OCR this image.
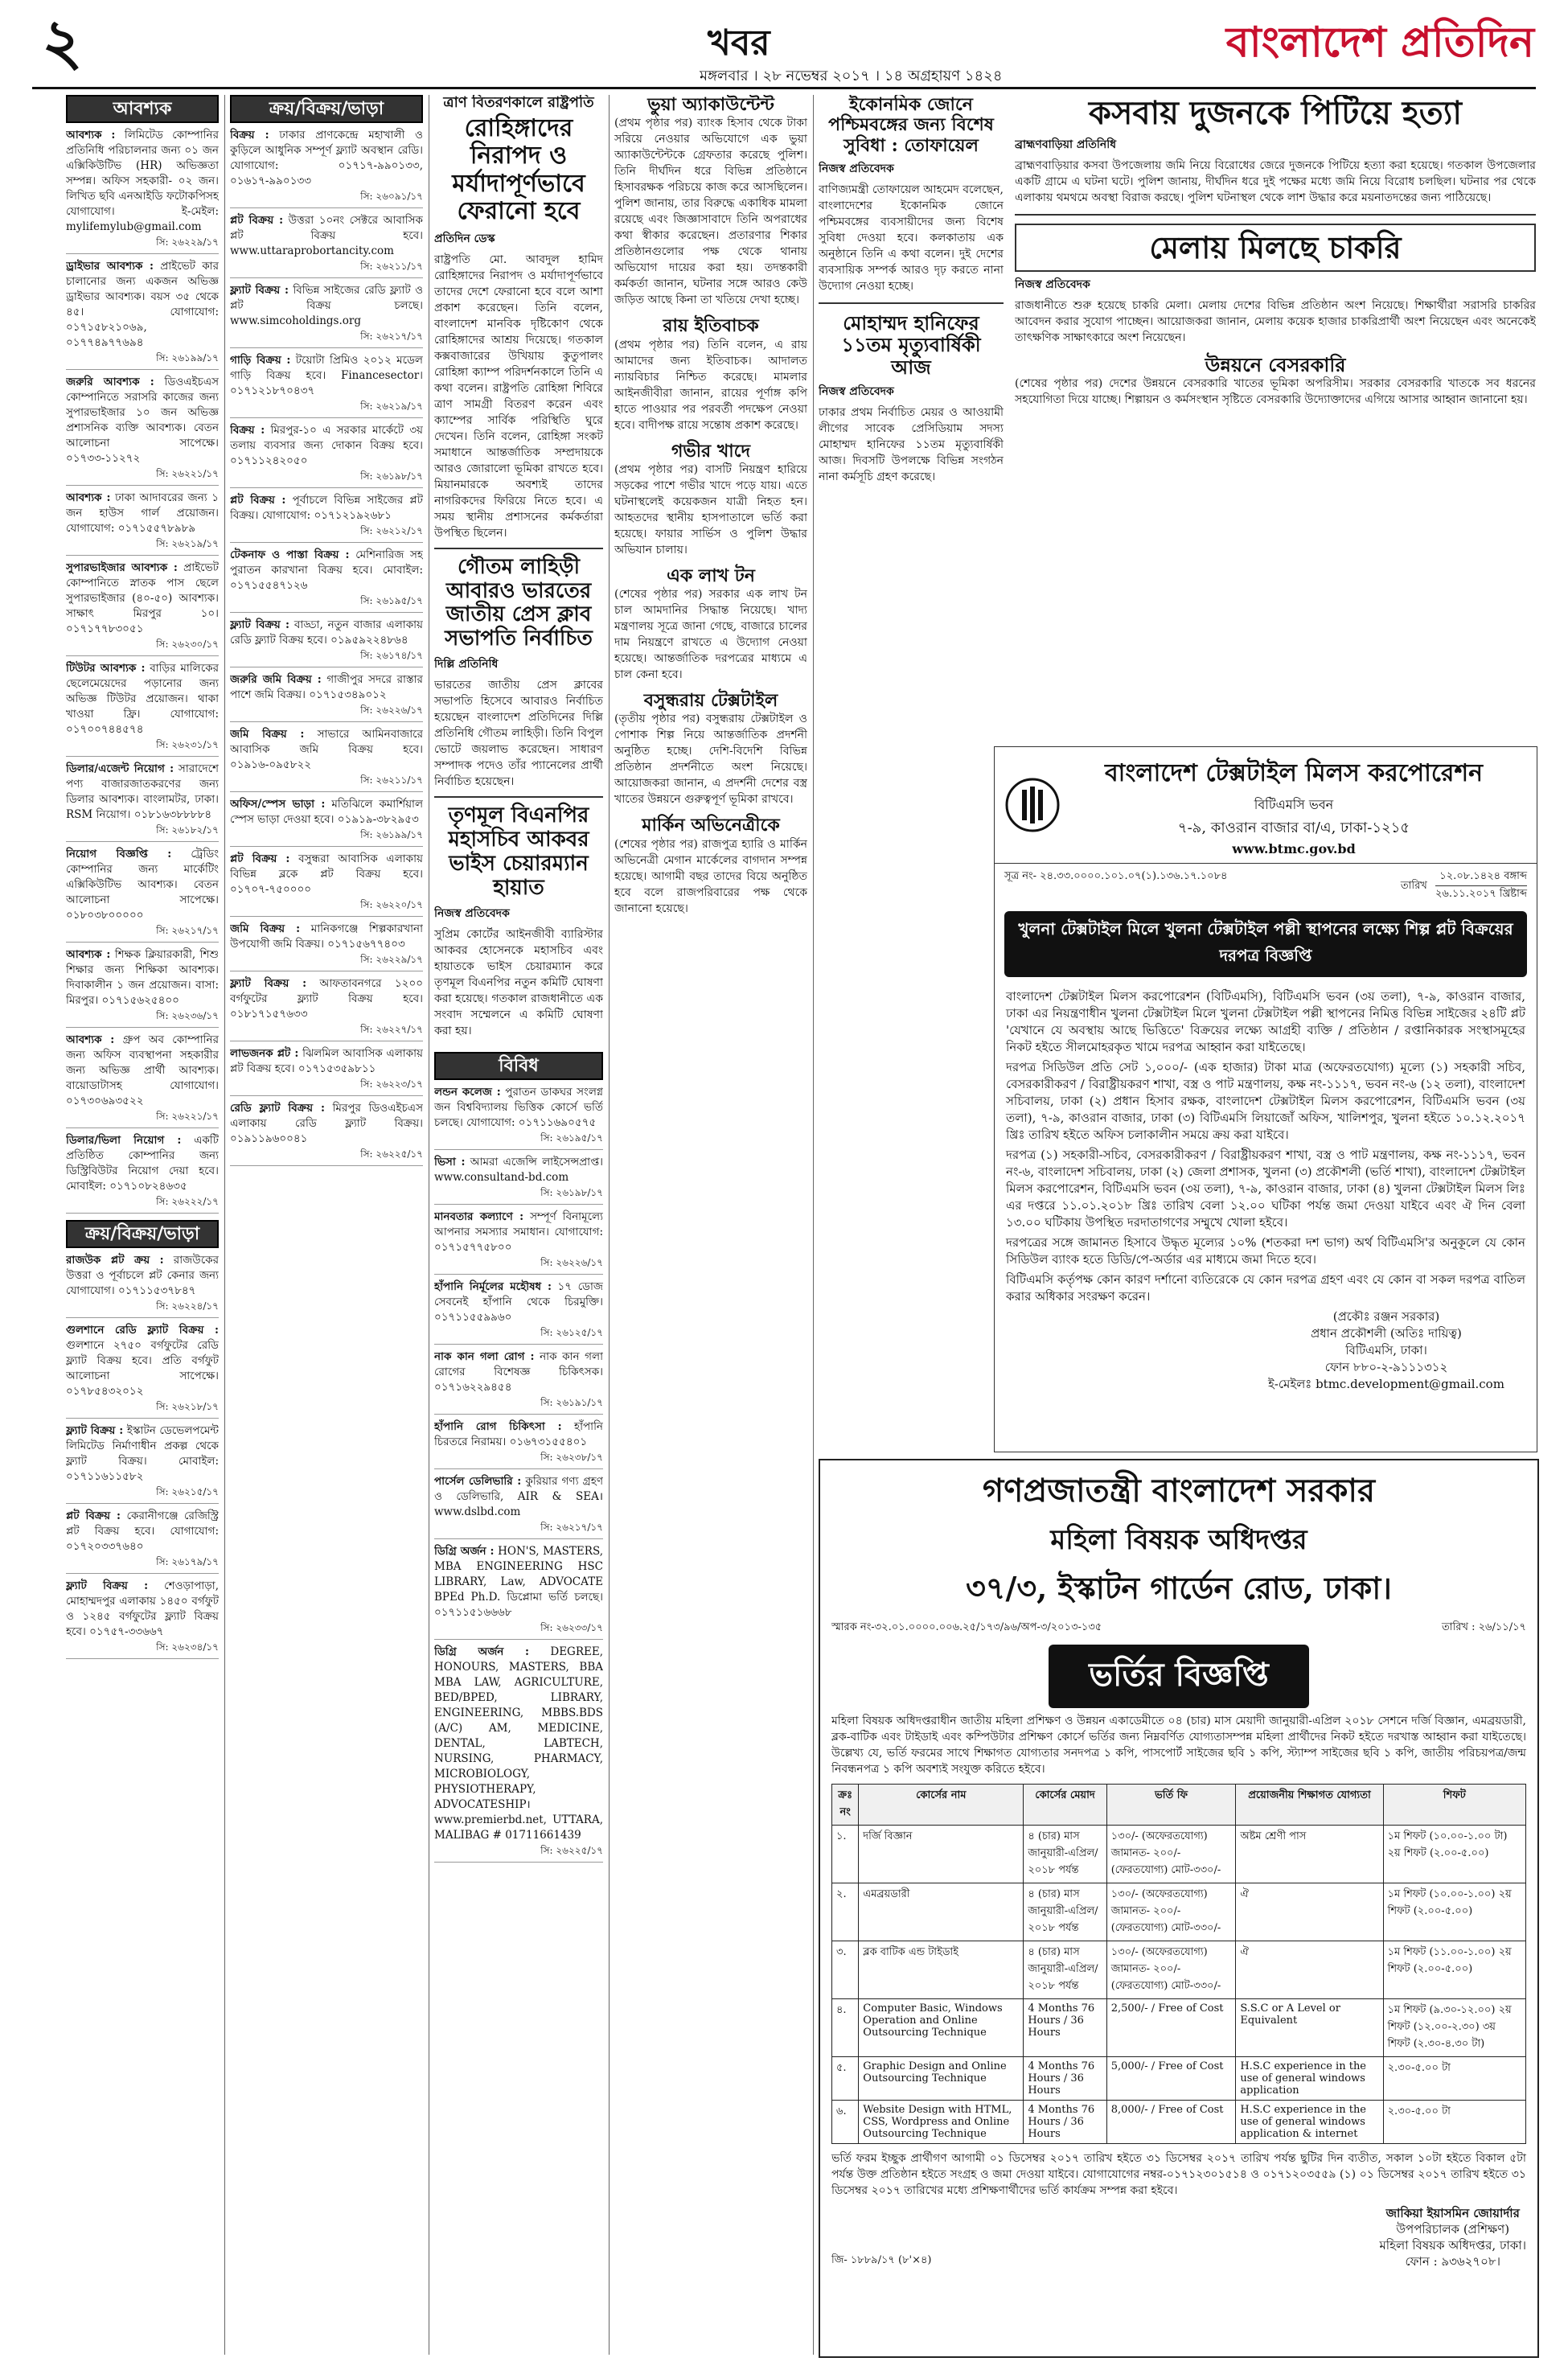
২	খবর
মঙ্গলবার । ২৮ নভেম্বর ২০১৭ । ১৪ অগ্রহায়ণ ১৪২৪
বাংলাদেশ প্রতিদিন
আবশ্যক
আবশ্যক : লিমিটেড কোম্পানির প্রতিনিধি পরিচালনার জন্য ০১ জন এক্সিকিউটিভ (HR) অভিজ্ঞতা সম্পন্ন। অফিস সহকারী- ০২ জন। লিখিত ছবি এনআইডি ফটোকপিসহ যোগাযোগ। ই-মেইল: mylifemylub@gmail.com
সি: ২৬২২৯/১৭
ড্রাইভার আবশ্যক : প্রাইভেট কার চালানোর জন্য একজন অভিজ্ঞ ড্রাইভার আবশ্যক। বয়স ৩৫ থেকে ৪৫। যোগাযোগ: ০১৭১৫৮২১০৬৯, ০১৭৭৪৯৭৭৬৯৪
সি: ২৬১৯৯/১৭
জরুরি আবশ্যক : ডিওএইচএস কোম্পানিতে সরাসরি কাজের জন্য সুপারভাইজার ১০ জন অভিজ্ঞ প্রশাসনিক ব্যক্তি আবশ্যক। বেতন আলোচনা সাপেক্ষে। ০১৭৩৩-১১২৭২
সি: ২৬২২১/১৭
আবশ্যক : ঢাকা আদাবরের জন্য ১ জন হাউস গার্ল প্রয়োজন। যোগাযোগ: ০১৭১৫৫৭৮৯৮৯
সি: ২৬২১৯/১৭
সুপারভাইজার আবশ্যক : প্রাইভেট কোম্পানিতে স্নাতক পাস ছেলে সুপারভাইজার (৪০-৫০) আবশ্যক। সাক্ষাৎ মিরপুর ১০। ০১৭১৭৭৮৩০৫১
সি: ২৬২৩০/১৭
টিউটর আবশ্যক : বাড়ির মালিকের ছেলেমেয়েদের পড়ানোর জন্য অভিজ্ঞ টিউটর প্রয়োজন। থাকা খাওয়া ফ্রি। যোগাযোগ: ০১৭০০৭৪৪৫৭৪
সি: ২৬২৩১/১৭
ডিলার/এজেন্ট নিয়োগ : সারাদেশে পণ্য বাজারজাতকরণের জন্য ডিলার আবশ্যক। বাংলামটর, ঢাকা। RSM নিয়োগ। ০১৮১৬৩৮৮৮৮৪
সি: ২৬১৮২/১৭
নিয়োগ বিজ্ঞপ্তি : ট্রেডিং কোম্পানির জন্য মার্কেটিং এক্সিকিউটিভ আবশ্যক। বেতন আলোচনা সাপেক্ষে। ০১৮০৩৮০০০০০
সি: ২৬২১৭/১৭
আবশ্যক : শিক্ষক ক্লিয়ারকারী, শিশু শিক্ষার জন্য শিক্ষিকা আবশ্যক। দিবাকালীন ১ জন প্রয়োজন। বাসা: মিরপুর। ০১৭১৫৬২৫৪০০
সি: ২৬২৩৬/১৭
আবশ্যক : গ্রুপ অব কোম্পানির জন্য অফিস ব্যবস্থাপনা সহকারীর জন্য অভিজ্ঞ প্রার্থী আবশ্যক। বায়োডাটাসহ যোগাযোগ। ০১৭৩০৬৯৩৫২২
সি: ২৬২২১/১৭
ডিলার/ভিলা নিয়োগ : একটি প্রতিষ্ঠিত কোম্পানির জন্য ডিস্ট্রিবিউটর নিয়োগ দেয়া হবে। মোবাইল: ০১৭১০৮২৪৬৩৫
সি: ২৬২২২/১৭
ক্রয়/বিক্রয়/ভাড়া
রাজউক প্লট ক্রয় : রাজউকের উত্তরা ও পূর্বাচলে প্লট কেনার জন্য যোগাযোগ। ০১৭১১৫৩৭৮৪৭
সি: ২৬২২৪/১৭
গুলশানে রেডি ফ্ল্যাট বিক্রয় : গুলশানে ২৭৫০ বর্গফুটের রেডি ফ্ল্যাট বিক্রয় হবে। প্রতি বর্গফুট আলোচনা সাপেক্ষে। ০১৭৮৫৪৩২০১২
সি: ২৬২১৮/১৭
ফ্ল্যাট বিক্রয় : ইস্কাটন ডেভেলপমেন্ট লিমিটেড নির্মাণাধীন প্রকল্প থেকে ফ্ল্যাট বিক্রয়। মোবাইল: ০১৭১১৬১১৫৮২
সি: ২৬২১৫/১৭
প্লট বিক্রয় : কেরানীগঞ্জে রেজিস্ট্রি প্লট বিক্রয় হবে। যোগাযোগ: ০১৭২০৩৩৭৬৪০
সি: ২৬১৭৯/১৭
ফ্ল্যাট বিক্রয় : শেওড়াপাড়া, মোহাম্মদপুর এলাকায় ১৪৫০ বর্গফুট ও ১২৪৫ বর্গফুটের ফ্ল্যাট বিক্রয় হবে। ০১৭৫৭-৩৩৬৬৭
সি: ২৬২৩৪/১৭
ক্রয়/বিক্রয়/ভাড়া
বিক্রয় : ঢাকার প্রাণকেন্দ্রে মহাখালী ও কুড়িলে আধুনিক সম্পূর্ণ ফ্ল্যাট অবস্থান রেডি। যোগাযোগ: ০১৭১৭-৯৯০১৩৩, ০১৬১৭-৯৯০১৩৩
সি: ২৬০৯১/১৭
প্লট বিক্রয় : উত্তরা ১০নং সেক্টরে আবাসিক প্লট বিক্রয় হবে। www.uttaraprobortancity.com
সি: ২৬২১১/১৭
ফ্ল্যাট বিক্রয় : বিভিন্ন সাইজের রেডি ফ্ল্যাট ও প্লট বিক্রয় চলছে। www.simcoholdings.org
সি: ২৬২১৭/১৭
গাড়ি বিক্রয় : টয়োটা প্রিমিও ২০১২ মডেল গাড়ি বিক্রয় হবে। Financesector। ০১৭১২১৮৭০৪৩৭
সি: ২৬২১৯/১৭
বিক্রয় : মিরপুর-১০ এ সরকার মার্কেটে ৩য় তলায় ব্যবসার জন্য দোকান বিক্রয় হবে। ০১৭১১২৪২০৫০
সি: ২৬১৯৮/১৭
প্লট বিক্রয় : পূর্বাচলে বিভিন্ন সাইজের প্লট বিক্রয়। যোগাযোগ: ০১৭১২১৯২৬৮১
সি: ২৬২১২/১৭
টেকনাফ ও পাস্তা বিক্রয় : মেশিনারিজ সহ পুরাতন কারখানা বিক্রয় হবে। মোবাইল: ০১৭১৫৫৪৭১২৬
সি: ২৬১৯৫/১৭
ফ্ল্যাট বিক্রয় : বাড্ডা, নতুন বাজার এলাকায় রেডি ফ্ল্যাট বিক্রয় হবে। ০১৯৫৯২২৪৮৬৪
সি: ২৬১৭৪/১৭
জরুরি জমি বিক্রয় : গাজীপুর সদরে রাস্তার পাশে জমি বিক্রয়। ০১৭১৫৩৪৯০১২
সি: ২৬২২৬/১৭
জমি বিক্রয় : সাভারে আমিনবাজারে আবাসিক জমি বিক্রয় হবে। ০১৯১৬-০৯৫৮২২
সি: ২৬২১১/১৭
অফিস/স্পেস ভাড়া : মতিঝিলে কমার্শিয়াল স্পেস ভাড়া দেওয়া হবে। ০১৯১৯-৩৮২৯৫৩
সি: ২৬১৯৯/১৭
প্লট বিক্রয় : বসুন্ধরা আবাসিক এলাকায় বিভিন্ন ব্লকে প্লট বিক্রয় হবে। ০১৭০৭-৭৫০০০০
সি: ২৬২২০/১৭
জমি বিক্রয় : মানিকগঞ্জে শিল্পকারখানা উপযোগী জমি বিক্রয়। ০১৭১৫৬৭৭৪০৩
সি: ২৬২২৯/১৭
ফ্ল্যাট বিক্রয় : আফতাবনগরে ১২০০ বর্গফুটের ফ্ল্যাট বিক্রয় হবে। ০১৮১৭১৫৭৬৩৩
সি: ২৬২২৭/১৭
লাভজনক প্লট : ঝিলমিল আবাসিক এলাকায় প্লট বিক্রয় হবে। ০১৭১৫৩৫৯৮১১
সি: ২৬২২৩/১৭
রেডি ফ্ল্যাট বিক্রয় : মিরপুর ডিওএইচএস এলাকায় রেডি ফ্ল্যাট বিক্রয়। ০১৯১১৯৬০০৪১
সি: ২৬২২৫/১৭
ত্রাণ বিতরণকালে রাষ্ট্রপতি
রোহিঙ্গাদের নিরাপদ ও মর্যাদাপূর্ণভাবে ফেরানো হবে
প্রতিদিন ডেস্ক
রাষ্ট্রপতি মো. আবদুল হামিদ রোহিঙ্গাদের নিরাপদ ও মর্যাদাপূর্ণভাবে তাদের দেশে ফেরানো হবে বলে আশা প্রকাশ করেছেন। তিনি বলেন, বাংলাদেশ মানবিক দৃষ্টিকোণ থেকে রোহিঙ্গাদের আশ্রয় দিয়েছে। গতকাল কক্সবাজারের উখিয়ায় কুতুপালং রোহিঙ্গা ক্যাম্প পরিদর্শনকালে তিনি এ কথা বলেন। রাষ্ট্রপতি রোহিঙ্গা শিবিরে ত্রাণ সামগ্রী বিতরণ করেন এবং ক্যাম্পের সার্বিক পরিস্থিতি ঘুরে দেখেন। তিনি বলেন, রোহিঙ্গা সংকট সমাধানে আন্তর্জাতিক সম্প্রদায়কে আরও জোরালো ভূমিকা রাখতে হবে। মিয়ানমারকে অবশ্যই তাদের নাগরিকদের ফিরিয়ে নিতে হবে। এ সময় স্থানীয় প্রশাসনের কর্মকর্তারা উপস্থিত ছিলেন।
গৌতম লাহিড়ী আবারও ভারতের জাতীয় প্রেস ক্লাব সভাপতি নির্বাচিত
দিল্লি প্রতিনিধি
ভারতের জাতীয় প্রেস ক্লাবের সভাপতি হিসেবে আবারও নির্বাচিত হয়েছেন বাংলাদেশ প্রতিদিনের দিল্লি প্রতিনিধি গৌতম লাহিড়ী। তিনি বিপুল ভোটে জয়লাভ করেছেন। সাধারণ সম্পাদক পদেও তাঁর প্যানেলের প্রার্থী নির্বাচিত হয়েছেন।
তৃণমূল বিএনপির মহাসচিব আকবর ভাইস চেয়ারম্যান হায়াত
নিজস্ব প্রতিবেদক
সুপ্রিম কোর্টের আইনজীবী ব্যারিস্টার আকবর হোসেনকে মহাসচিব এবং হায়াতকে ভাইস চেয়ারম্যান করে তৃণমূল বিএনপির নতুন কমিটি ঘোষণা করা হয়েছে। গতকাল রাজধানীতে এক সংবাদ সম্মেলনে এ কমিটি ঘোষণা করা হয়।
বিবিধ
লন্ডন কলেজ : পুরাতন ডাকঘর সংলগ্ন জন বিশ্ববিদ্যালয় ভিত্তিক কোর্সে ভর্তি চলছে। যোগাযোগ: ০১৭১১৬৯০৫৭৫
সি: ২৬১৯৫/১৭
ভিসা : আমরা এজেন্সি লাইসেন্সপ্রাপ্ত। www.consultand-bd.com
সি: ২৬১৯৮/১৭
মানবতার কল্যাণে : সম্পূর্ণ বিনামূল্যে আপনার সমস্যার সমাধান। যোগাযোগ: ০১৭১৫৭৭৫৮০০
সি: ২৬২২৬/১৭
হাঁপানি নির্মূলের মহৌষধ : ১৭ ডোজ সেবনেই হাঁপানি থেকে চিরমুক্তি। ০১৭১১৫৫৯৯৬০
সি: ২৬১২৫/১৭
নাক কান গলা রোগ : নাক কান গলা রোগের বিশেষজ্ঞ চিকিৎসক। ০১৭১৬২২৯৪৫৪
সি: ২৬১৯১/১৭
হাঁপানি রোগ চিকিৎসা : হাঁপানি চিরতরে নিরাময়। ০১৬৭৩১৫৫৪০১
সি: ২৬২৩৮/১৭
পার্সেল ডেলিভারি : কুরিয়ার গণ্য গ্রহণ ও ডেলিভারি, AIR & SEA। www.dslbd.com
সি: ২৬২১৭/১৭
ডিগ্রি অর্জন : HON'S, MASTERS, MBA ENGINEERING HSC LIBRARY, Law, ADVOCATE BPEd Ph.D. ডিপ্লোমা ভর্তি চলছে। ০১৭১১৫১৬৬৬৮
সি: ২৬২৩৩/১৭
ডিগ্রি অর্জন : DEGREE, HONOURS, MASTERS, BBA MBA LAW, AGRICULTURE, BED/BPED, LIBRARY, ENGINEERING, MBBS.BDS (A/C) AM, MEDICINE, DENTAL, LABTECH, NURSING, PHARMACY, MICROBIOLOGY, PHYSIOTHERAPY, ADVOCATESHIP। www.premierbd.net, UTTARA, MALIBAG # 01711661439
সি: ২৬২২৫/১৭
ভুয়া অ্যাকাউন্টেন্ট
(প্রথম পৃষ্ঠার পর) ব্যাংক হিসাব থেকে টাকা সরিয়ে নেওয়ার অভিযোগে এক ভুয়া অ্যাকাউন্টেন্টকে গ্রেফতার করেছে পুলিশ। তিনি দীর্ঘদিন ধরে বিভিন্ন প্রতিষ্ঠানে হিসাবরক্ষক পরিচয়ে কাজ করে আসছিলেন। পুলিশ জানায়, তার বিরুদ্ধে একাধিক মামলা রয়েছে এবং জিজ্ঞাসাবাদে তিনি অপরাধের কথা স্বীকার করেছেন। প্রতারণার শিকার প্রতিষ্ঠানগুলোর পক্ষ থেকে থানায় অভিযোগ দায়ের করা হয়। তদন্তকারী কর্মকর্তা জানান, ঘটনার সঙ্গে আরও কেউ জড়িত আছে কিনা তা খতিয়ে দেখা হচ্ছে।
রায় ইতিবাচক
(প্রথম পৃষ্ঠার পর) তিনি বলেন, এ রায় আমাদের জন্য ইতিবাচক। আদালত ন্যায়বিচার নিশ্চিত করেছে। মামলার আইনজীবীরা জানান, রায়ের পূর্ণাঙ্গ কপি হাতে পাওয়ার পর পরবর্তী পদক্ষেপ নেওয়া হবে। বাদীপক্ষ রায়ে সন্তোষ প্রকাশ করেছে।
গভীর খাদে
(প্রথম পৃষ্ঠার পর) বাসটি নিয়ন্ত্রণ হারিয়ে সড়কের পাশে গভীর খাদে পড়ে যায়। এতে ঘটনাস্থলেই কয়েকজন যাত্রী নিহত হন। আহতদের স্থানীয় হাসপাতালে ভর্তি করা হয়েছে। ফায়ার সার্ভিস ও পুলিশ উদ্ধার অভিযান চালায়।
এক লাখ টন
(শেষের পৃষ্ঠার পর) সরকার এক লাখ টন চাল আমদানির সিদ্ধান্ত নিয়েছে। খাদ্য মন্ত্রণালয় সূত্রে জানা গেছে, বাজারে চালের দাম নিয়ন্ত্রণে রাখতে এ উদ্যোগ নেওয়া হয়েছে। আন্তর্জাতিক দরপত্রের মাধ্যমে এ চাল কেনা হবে।
বসুন্ধরায় টেক্সটাইল
(তৃতীয় পৃষ্ঠার পর) বসুন্ধরায় টেক্সটাইল ও পোশাক শিল্প নিয়ে আন্তর্জাতিক প্রদর্শনী অনুষ্ঠিত হচ্ছে। দেশি-বিদেশি বিভিন্ন প্রতিষ্ঠান প্রদর্শনীতে অংশ নিয়েছে। আয়োজকরা জানান, এ প্রদর্শনী দেশের বস্ত্র খাতের উন্নয়নে গুরুত্বপূর্ণ ভূমিকা রাখবে।
মার্কিন অভিনেত্রীকে
(শেষের পৃষ্ঠার পর) রাজপুত্র হ্যারি ও মার্কিন অভিনেত্রী মেগান মার্কেলের বাগদান সম্পন্ন হয়েছে। আগামী বছর তাদের বিয়ে অনুষ্ঠিত হবে বলে রাজপরিবারের পক্ষ থেকে জানানো হয়েছে।
ইকোনমিক জোনে পশ্চিমবঙ্গের জন্য বিশেষ সুবিধা : তোফায়েল
নিজস্ব প্রতিবেদক
বাণিজ্যমন্ত্রী তোফায়েল আহমেদ বলেছেন, বাংলাদেশের ইকোনমিক জোনে পশ্চিমবঙ্গের ব্যবসায়ীদের জন্য বিশেষ সুবিধা দেওয়া হবে। কলকাতায় এক অনুষ্ঠানে তিনি এ কথা বলেন। দুই দেশের ব্যবসায়িক সম্পর্ক আরও দৃঢ় করতে নানা উদ্যোগ নেওয়া হচ্ছে।
মোহাম্মদ হানিফের ১১তম মৃত্যুবার্ষিকী আজ
নিজস্ব প্রতিবেদক
ঢাকার প্রথম নির্বাচিত মেয়র ও আওয়ামী লীগের সাবেক প্রেসিডিয়াম সদস্য মোহাম্মদ হানিফের ১১তম মৃত্যুবার্ষিকী আজ। দিবসটি উপলক্ষে বিভিন্ন সংগঠন নানা কর্মসূচি গ্রহণ করেছে।
কসবায় দুজনকে পিটিয়ে হত্যা
ব্রাহ্মণবাড়িয়া প্রতিনিধি
ব্রাহ্মণবাড়িয়ার কসবা উপজেলায় জমি নিয়ে বিরোধের জেরে দুজনকে পিটিয়ে হত্যা করা হয়েছে। গতকাল উপজেলার একটি গ্রামে এ ঘটনা ঘটে। পুলিশ জানায়, দীর্ঘদিন ধরে দুই পক্ষের মধ্যে জমি নিয়ে বিরোধ চলছিল। ঘটনার পর থেকে এলাকায় থমথমে অবস্থা বিরাজ করছে। পুলিশ ঘটনাস্থল থেকে লাশ উদ্ধার করে ময়নাতদন্তের জন্য পাঠিয়েছে।
মেলায় মিলছে চাকরি
নিজস্ব প্রতিবেদক
রাজধানীতে শুরু হয়েছে চাকরি মেলা। মেলায় দেশের বিভিন্ন প্রতিষ্ঠান অংশ নিয়েছে। শিক্ষার্থীরা সরাসরি চাকরির আবেদন করার সুযোগ পাচ্ছেন। আয়োজকরা জানান, মেলায় কয়েক হাজার চাকরিপ্রার্থী অংশ নিয়েছেন এবং অনেকেই তাৎক্ষণিক সাক্ষাৎকারে অংশ নিয়েছেন।
উন্নয়নে বেসরকারি
(শেষের পৃষ্ঠার পর) দেশের উন্নয়নে বেসরকারি খাতের ভূমিকা অপরিসীম। সরকার বেসরকারি খাতকে সব ধরনের সহযোগিতা দিয়ে যাচ্ছে। শিল্পায়ন ও কর্মসংস্থান সৃষ্টিতে বেসরকারি উদ্যোক্তাদের এগিয়ে আসার আহ্বান জানানো হয়।
বাংলাদেশ টেক্সটাইল মিলস করপোরেশন
বিটিএমসি ভবন
৭-৯, কাওরান বাজার বা/এ, ঢাকা-১২১৫
www.btmc.gov.bd
সূত্র নং- ২৪.৩৩.০০০০.১০১.০৭(১).১৩৬.১৭.১০৮৪
তারিখ
১২.০৮.১৪২৪ বঙ্গাব্দ
২৬.১১.২০১৭ খ্রিষ্টাব্দ
খুলনা টেক্সটাইল মিলে খুলনা টেক্সটাইল পল্লী স্থাপনের লক্ষ্যে শিল্প প্লট বিক্রয়ের দরপত্র বিজ্ঞপ্তি

বাংলাদেশ টেক্সটাইল মিলস করপোরেশন (বিটিএমসি), বিটিএমসি ভবন (৩য় তলা), ৭-৯, কাওরান বাজার, ঢাকা এর নিয়ন্ত্রণাধীন খুলনা টেক্সটাইল মিলে খুলনা টেক্সটাইল পল্লী স্থাপনের নিমিত্ত বিভিন্ন সাইজের ২৪টি প্লট 'যেখানে যে অবস্থায় আছে ভিত্তিতে' বিক্রয়ের লক্ষ্যে আগ্রহী ব্যক্তি / প্রতিষ্ঠান / রপ্তানিকারক সংস্থাসমূহের নিকট হইতে সীলমোহরকৃত খামে দরপত্র আহ্বান করা যাইতেছে।

দরপত্র সিডিউল প্রতি সেট ১,০০০/- (এক হাজার) টাকা মাত্র (অফেরতযোগ্য) মূল্যে (১) সহকারী সচিব, বেসরকারীকরণ / বিরাষ্ট্রীয়করণ শাখা, বস্ত্র ও পাট মন্ত্রণালয়, কক্ষ নং-১১১৭, ভবন নং-৬ (১২ তলা), বাংলাদেশ সচিবালয়, ঢাকা (২) প্রধান হিসাব রক্ষক, বাংলাদেশ টেক্সটাইল মিলস করপোরেশন, বিটিএমসি ভবন (৩য় তলা), ৭-৯, কাওরান বাজার, ঢাকা (৩) বিটিএমসি লিয়াজোঁ অফিস, খালিশপুর, খুলনা হইতে ১০.১২.২০১৭ খ্রিঃ তারিখ হইতে অফিস চলাকালীন সময়ে ক্রয় করা যাইবে।

দরপত্র (১) সহকারী-সচিব, বেসরকারীকরণ / বিরাষ্ট্রীয়করণ শাখা, বস্ত্র ও পাট মন্ত্রণালয়, কক্ষ নং-১১১৭, ভবন নং-৬, বাংলাদেশ সচিবালয়, ঢাকা (২) জেলা প্রশাসক, খুলনা (৩) প্রকৌশলী (ভর্তি শাখা), বাংলাদেশ টেক্সটাইল মিলস করপোরেশন, বিটিএমসি ভবন (৩য় তলা), ৭-৯, কাওরান বাজার, ঢাকা (৪) খুলনা টেক্সটাইল মিলস লিঃ এর দপ্তরে ১১.০১.২০১৮ খ্রিঃ তারিখ বেলা ১২.০০ ঘটিকা পর্যন্ত জমা দেওয়া যাইবে এবং ঐ দিন বেলা ১৩.০০ ঘটিকায় উপস্থিত দরদাতাগণের সম্মুখে খোলা হইবে।

দরপত্রের সঙ্গে জামানত হিসাবে উদ্ধৃত মূল্যের ১০% (শতকরা দশ ভাগ) অর্থ বিটিএমসি'র অনুকূলে যে কোন সিডিউল ব্যাংক হতে ডিডি/পে-অর্ডার এর মাধ্যমে জমা দিতে হবে।

বিটিএমসি কর্তৃপক্ষ কোন কারণ দর্শানো ব্যতিরেকে যে কোন দরপত্র গ্রহণ এবং যে কোন বা সকল দরপত্র বাতিল করার অধিকার সংরক্ষণ করেন।

(প্রকৌঃ রঞ্জন সরকার)
প্রধান প্রকৌশলী (অতিঃ দায়িত্ব)
বিটিএমসি, ঢাকা।
ফোন ৮৮০-২-৯১১১৩১২
ই-মেইলঃ btmc.development@gmail.com
গণপ্রজাতন্ত্রী বাংলাদেশ সরকার
মহিলা বিষয়ক অধিদপ্তর
৩৭/৩, ইস্কাটন গার্ডেন রোড, ঢাকা।
স্মারক নং-৩২.০১.০০০০.০০৬.২৫/১৭৩/৯৬/অপ-৩/২০১৩-১৩৫	তারিখ : ২৬/১১/১৭
ভর্তির বিজ্ঞপ্তি
মহিলা বিষয়ক অধিদপ্তরাধীন জাতীয় মহিলা প্রশিক্ষণ ও উন্নয়ন একাডেমীতে ০৪ (চার) মাস মেয়াদী জানুয়ারী-এপ্রিল ২০১৮ সেশনে দর্জি বিজ্ঞান, এমব্রয়ডারী, ব্লক-বাটিক এবং টাইডাই এবং কম্পিউটার প্রশিক্ষণ কোর্সে ভর্তির জন্য নিম্নবর্ণিত যোগ্যতাসম্পন্ন মহিলা প্রার্থীদের নিকট হইতে দরখাস্ত আহ্বান করা যাইতেছে। উল্লেখ্য যে, ভর্তি ফরমের সাথে শিক্ষাগত যোগ্যতার সনদপত্র ১ কপি, পাসপোর্ট সাইজের ছবি ১ কপি, স্ট্যাম্প সাইজের ছবি ১ কপি, জাতীয় পরিচয়পত্র/জন্ম নিবন্ধনপত্র ১ কপি অবশ্যই সংযুক্ত করিতে হইবে।
ক্রঃ নং	কোর্সের নাম	কোর্সের মেয়াদ	ভর্তি ফি	প্রয়োজনীয় শিক্ষাগত যোগ্যতা	শিফট
১.	দর্জি বিজ্ঞান	৪ (চার) মাস জানুয়ারী-এপ্রিল/২০১৮ পর্যন্ত	১৩০/- (অফেরতযোগ্য) জামানত- ২০০/- (ফেরতযোগ্য) মোট-৩৩০/-	অষ্টম শ্রেণী পাস	১ম শিফট (১০.০০-১.০০ টা) ২য় শিফট (২.০০-৫.০০)
২.	এমব্রয়ডারী	৪ (চার) মাস জানুয়ারী-এপ্রিল/২০১৮ পর্যন্ত	১৩০/- (অফেরতযোগ্য) জামানত- ২০০/- (ফেরতযোগ্য) মোট-৩৩০/-	ঐ	১ম শিফট (১০.০০-১.০০) ২য় শিফট (২.০০-৫.০০)
৩.	ব্লক বাটিক এন্ড টাইডাই	৪ (চার) মাস জানুয়ারী-এপ্রিল/২০১৮ পর্যন্ত	১৩০/- (অফেরতযোগ্য) জামানত- ২০০/- (ফেরতযোগ্য) মোট-৩৩০/-	ঐ	১ম শিফট (১১.০০-১.০০) ২য় শিফট (২.০০-৫.০০)
৪.	Computer Basic, Windows Operation and Online Outsourcing Technique	4 Months 76 Hours / 36 Hours	2,500/- / Free of Cost	S.S.C or A Level or Equivalent	১ম শিফট (৯.৩০-১২.০০) ২য় শিফট (১২.০০-২.৩০) ৩য় শিফট (২.৩০-৪.৩০ টা)
৫.	Graphic Design and Online Outsourcing Technique	4 Months 76 Hours / 36 Hours	5,000/- / Free of Cost	H.S.C experience in the use of general windows application	২.৩০-৫.০০ টা
৬.	Website Design with HTML, CSS, Wordpress and Online Outsourcing Technique	4 Months 76 Hours / 36 Hours	8,000/- / Free of Cost	H.S.C experience in the use of general windows application & internet	২.৩০-৫.০০ টা
ভর্তি ফরম ইচ্ছুক প্রার্থীগণ আগামী ০১ ডিসেম্বর ২০১৭ তারিখ হইতে ৩১ ডিসেম্বর ২০১৭ তারিখ পর্যন্ত ছুটির দিন ব্যতীত, সকাল ১০টা হইতে বিকাল ৫টা পর্যন্ত উক্ত প্রতিষ্ঠান হইতে সংগ্রহ ও জমা দেওয়া যাইবে। যোগাযোগের নম্বর-০১৭১২৩০১৫১৪ ও ০১৭১২০৩৫৫৯ (১) ০১ ডিসেম্বর ২০১৭ তারিখ হইতে ৩১ ডিসেম্বর ২০১৭ তারিখের মধ্যে প্রশিক্ষণার্থীদের ভর্তি কার্যক্রম সম্পন্ন করা হইবে।
জি- ১৮৮৯/১৭ (৮'×৪)
জাকিয়া ইয়াসমিন জোয়ার্দার
উপপরিচালক (প্রশিক্ষণ)
মহিলা বিষয়ক অধিদপ্তর, ঢাকা।
ফোন : ৯৩৬২৭০৮।
